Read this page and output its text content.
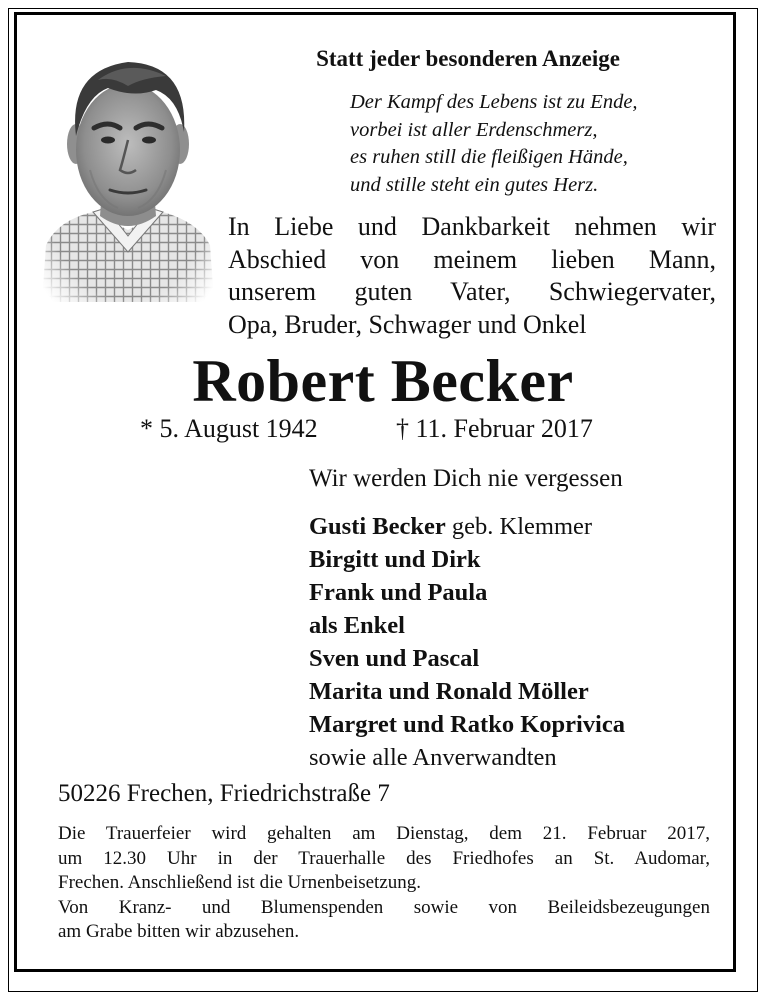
Statt jeder besonderen Anzeige
Der Kampf des Lebens ist zu Ende,
vorbei ist aller Erdenschmerz,
es ruhen still die fleißigen Hände,
und stille steht ein gutes Herz.
In Liebe und Dankbarkeit nehmen wir
Abschied von meinem lieben Mann,
unserem guten Vater, Schwiegervater,
Opa, Bruder, Schwager und Onkel
Robert Becker
* 5. August 1942	† 11. Februar 2017
Wir werden Dich nie vergessen
Gusti Becker geb. Klemmer
Birgitt und Dirk
Frank und Paula
als Enkel
Sven und Pascal
Marita und Ronald Möller
Margret und Ratko Koprivica
sowie alle Anverwandten
50226 Frechen, Friedrichstraße 7
Die Trauerfeier wird gehalten am Dienstag, dem 21. Februar 2017,
um 12.30 Uhr in der Trauerhalle des Friedhofes an St. Audomar,
Frechen. Anschließend ist die Urnenbeisetzung.
Von Kranz- und Blumenspenden sowie von Beileidsbezeugungen
am Grabe bitten wir abzusehen.
